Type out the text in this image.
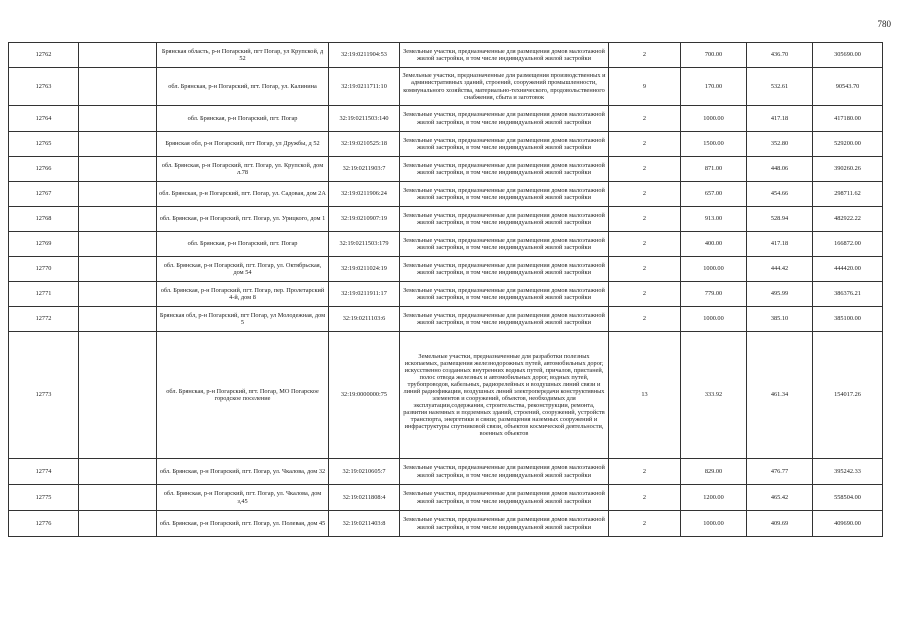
780
12762		Брянская область, р-н Погарский, пгт Погар, ул Крупской, д 52	32:19:0211904:53	Земельные участки, предназначенные для размещения домов малоэтажной жилой застройки, в том числе индивидуальной жилой застройки	2	700.00	436.70	305690.00
12763		обл. Брянская, р-н Погарский, пгт. Погар, ул. Калинина	32:19:0211711:10	Земельные участки, предназначенные для размещения производственных и административных зданий, строений, сооружений промышленности, коммунального хозяйства, материально-технического, продовольственного снабжения, сбыта и заготовок	9	170.00	532.61	90543.70
12764		обл. Брянская, р-н Погарский, пгт. Погар	32:19:0211503:140	Земельные участки, предназначенные для размещения домов малоэтажной жилой застройки, в том числе индивидуальной жилой застройки	2	1000.00	417.18	417180.00
12765		Брянская обл, р-н Погарский, пгт Погар, ул Дружбы, д 52	32:19:0210525:18	Земельные участки, предназначенные для размещения домов малоэтажной жилой застройки, в том числе индивидуальной жилой застройки	2	1500.00	352.80	529200.00
12766		обл. Брянская, р-н Погарский, пгт. Погар, ул. Крупской, дом л.78	32:19:0211903:7	Земельные участки, предназначенные для размещения домов малоэтажной жилой застройки, в том числе индивидуальной жилой застройки	2	871.00	448.06	390260.26
12767		обл. Брянская, р-н Погарский, пгт. Погар, ул. Садовая, дом 2А	32:19:0211906:24	Земельные участки, предназначенные для размещения домов малоэтажной жилой застройки, в том числе индивидуальной жилой застройки	2	657.00	454.66	298711.62
12768		обл. Брянская, р-н Погарский, пгт. Погар, ул. Урицкого, дом 1	32:19:0210907:19	Земельные участки, предназначенные для размещения домов малоэтажной жилой застройки, в том числе индивидуальной жилой застройки	2	913.00	528.94	482922.22
12769		обл. Брянская, р-н Погарский, пгт. Погар	32:19:0211503:179	Земельные участки, предназначенные для размещения домов малоэтажной жилой застройки, в том числе индивидуальной жилой застройки	2	400.00	417.18	166872.00
12770		обл. Брянская, р-н Погарский, пгт. Погар, ул. Октябрьская, дом 54	32:19:0211024:19	Земельные участки, предназначенные для размещения домов малоэтажной жилой застройки, в том числе индивидуальной жилой застройки	2	1000.00	444.42	444420.00
12771		обл. Брянская, р-н Погарский, пгт. Погар, пер. Пролетарский 4-й, дом 8	32:19:0211911:17	Земельные участки, предназначенные для размещения домов малоэтажной жилой застройки, в том числе индивидуальной жилой застройки	2	779.00	495.99	386376.21
12772		Брянская обл, р-н Погарский, пгт Погар, ул Молодежная, дом 5	32:19:0211103:6	Земельные участки, предназначенные для размещения домов малоэтажной жилой застройки, в том числе индивидуальной жилой застройки	2	1000.00	385.10	385100.00
12773		обл. Брянская, р-н Погарский, пгт. Погар, МО Погарское городское поселение	32:19:0000000:75	Земельные участки, предназначенные для разработки полезных ископаемых, размещения железнодорожных путей, автомобильных дорог, искусственно созданных внутренних водных путей, причалов, пристаней, полос отвода железных и автомобильных дорог, водных путей, трубопроводов, кабельных, радиорелейных и воздушных линий связи и линий радиофикации, воздушных линий электропередачи конструктивных элементов и сооружений, объектов, необходимых для эксплуатации,содержания, строительства, реконструкции, ремонта, развития наземных и подземных зданий, строений, сооружений, устройств транспорта, энергетики и связи; размещения наземных сооружений и инфраструктуры спутниковой связи, объектов космической деятельности, военных объектов	13	333.92	461.34	154017.26
12774		обл. Брянская, р-н Погарский, пгт. Погар, ул. Чкалова, дом 32	32:19:0210605:7	Земельные участки, предназначенные для размещения домов малоэтажной жилой застройки, в том числе индивидуальной жилой застройки	2	829.00	476.77	395242.33
12775		обл. Брянская, р-н Погарский, пгт. Погар, ул. Чкалова, дом з,45	32:19:0211808:4	Земельные участки, предназначенные для размещения домов малоэтажной жилой застройки, в том числе индивидуальной жилой застройки	2	1200.00	465.42	558504.00
12776		обл. Брянская, р-н Погарский, пгт. Погар, ул. Полевая, дом 45	32:19:0211403:8	Земельные участки, предназначенные для размещения домов малоэтажной жилой застройки, в том числе индивидуальной жилой застройки	2	1000.00	409.69	409690.00
